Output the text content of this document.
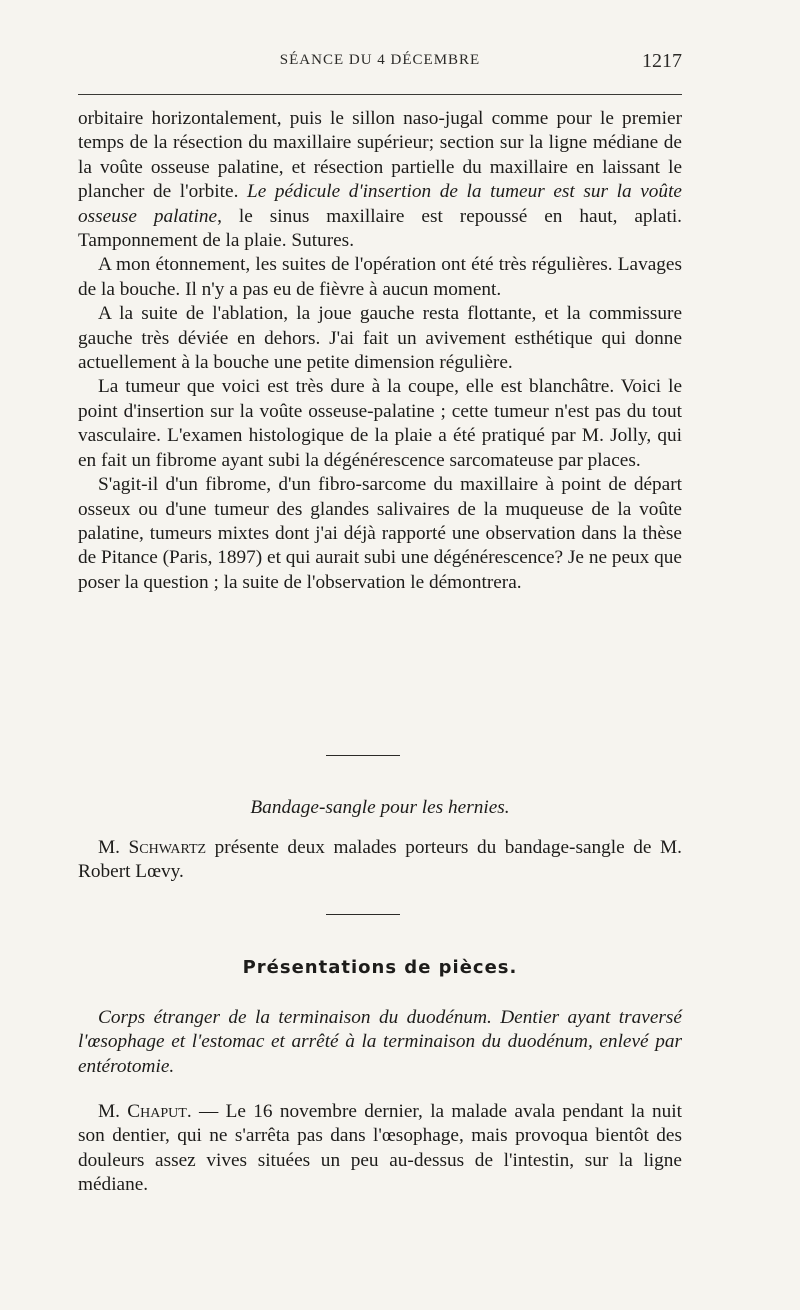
SÉANCE DU 4 DÉCEMBRE	1217

orbitaire horizontalement, puis le sillon naso-jugal comme pour le premier temps de la résection du maxillaire supérieur; section sur la ligne médiane de la voûte osseuse palatine, et résection partielle du maxillaire en laissant le plancher de l'orbite. Le pédicule d'insertion de la tumeur est sur la voûte osseuse palatine, le sinus maxillaire est repoussé en haut, aplati. Tamponnement de la plaie. Sutures.

A mon étonnement, les suites de l'opération ont été très régulières. Lavages de la bouche. Il n'y a pas eu de fièvre à aucun moment.

A la suite de l'ablation, la joue gauche resta flottante, et la commissure gauche très déviée en dehors. J'ai fait un avivement esthétique qui donne actuellement à la bouche une petite dimension régulière.

La tumeur que voici est très dure à la coupe, elle est blanchâtre. Voici le point d'insertion sur la voûte osseuse-palatine ; cette tumeur n'est pas du tout vasculaire. L'examen histologique de la plaie a été pratiqué par M. Jolly, qui en fait un fibrome ayant subi la dégénérescence sarcomateuse par places.

S'agit-il d'un fibrome, d'un fibro-sarcome du maxillaire à point de départ osseux ou d'une tumeur des glandes salivaires de la muqueuse de la voûte palatine, tumeurs mixtes dont j'ai déjà rapporté une observation dans la thèse de Pitance (Paris, 1897) et qui aurait subi une dégénérescence? Je ne peux que poser la question ; la suite de l'observation le démontrera.

Bandage-sangle pour les hernies.

M. Schwartz présente deux malades porteurs du bandage-sangle de M. Robert Lœvy.

Présentations de pièces.

Corps étranger de la terminaison du duodénum. Dentier ayant traversé l'œsophage et l'estomac et arrêté à la terminaison du duodénum, enlevé par entérotomie.

M. Chaput. — Le 16 novembre dernier, la malade avala pendant la nuit son dentier, qui ne s'arrêta pas dans l'œsophage, mais provoqua bientôt des douleurs assez vives situées un peu au-dessus de l'intestin, sur la ligne médiane.
